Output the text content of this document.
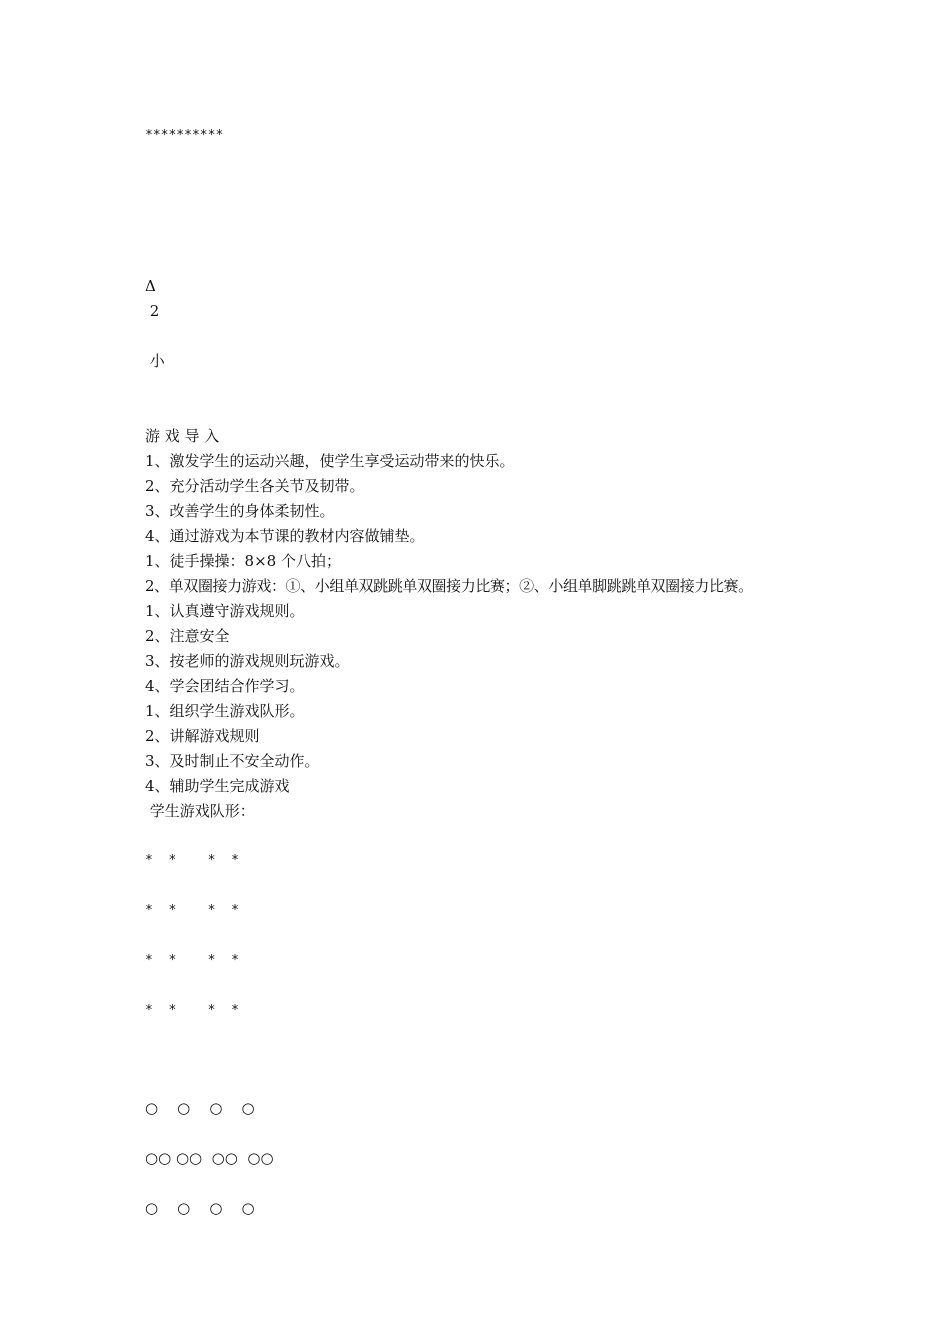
**********
Δ
2
小
游 戏 导 入
1、激发学生的运动兴趣，使学生享受运动带来的快乐。
2、充分活动学生各关节及韧带。
3、改善学生的身体柔韧性。
4、通过游戏为本节课的教材内容做铺垫。
1、徒手操操：8×8 个八拍；
2、单双圈接力游戏：①、小组单双跳跳单双圈接力比赛；②、小组单脚跳跳单双圈接力比赛。
1、认真遵守游戏规则。
2、注意安全
3、按老师的游戏规则玩游戏。
4、学会团结合作学习。
1、组织学生游戏队形。
2、讲解游戏规则
3、及时制止不安全动作。
4、辅助学生完成游戏
学生游戏队形：
*  *    *  *
*  *    *  *
*  *    *  *
*  *    *  *
○    ○    ○    ○
○○ ○○  ○○  ○○
○    ○    ○    ○
